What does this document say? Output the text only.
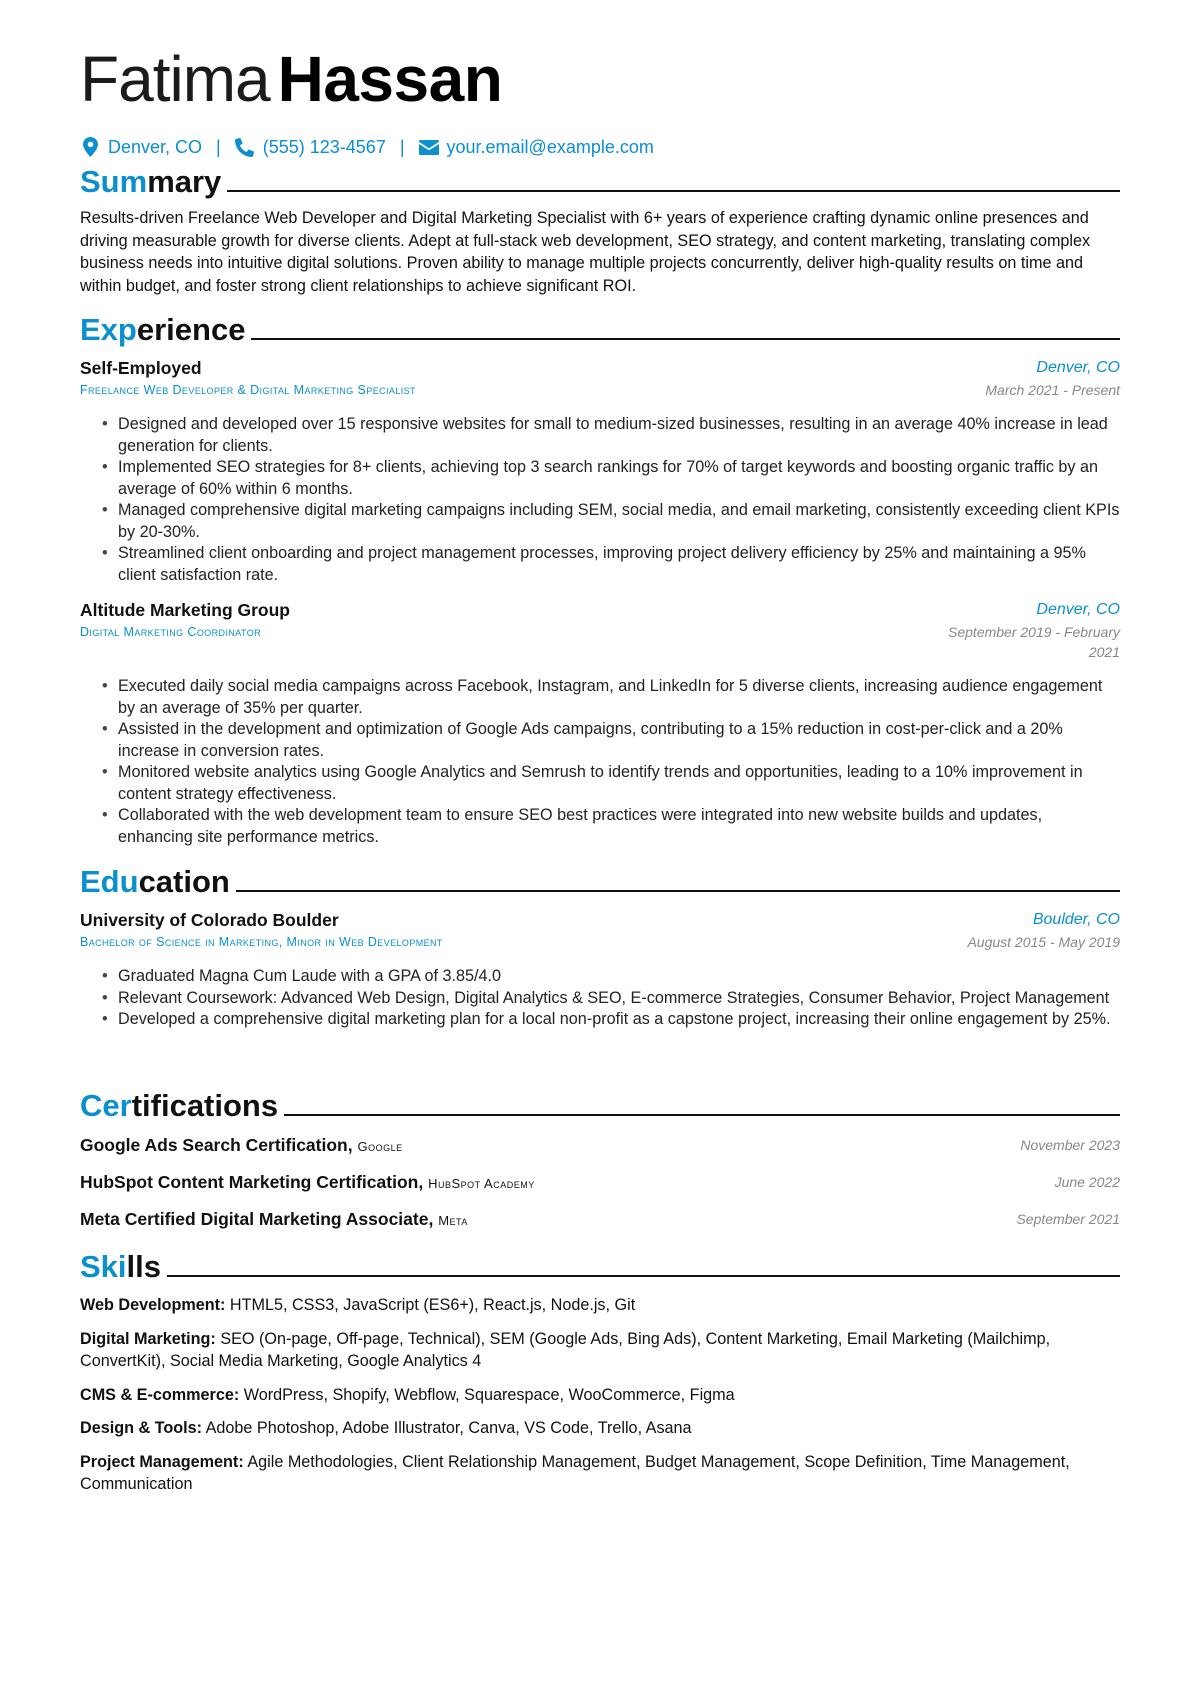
Fatima Hassan
Denver, CO | (555) 123-4567 | your.email@example.com
Summary

Results-driven Freelance Web Developer and Digital Marketing Specialist with 6+ years of experience crafting dynamic online presences and driving measurable growth for diverse clients. Adept at full-stack web development, SEO strategy, and content marketing, translating complex business needs into intuitive digital solutions. Proven ability to manage multiple projects concurrently, deliver high-quality results on time and within budget, and foster strong client relationships to achieve significant ROI.

Experience
Self-Employed	Denver, CO
Freelance Web Developer & Digital Marketing Specialist	March 2021 - Present
• Designed and developed over 15 responsive websites for small to medium-sized businesses, resulting in an average 40% increase in lead generation for clients.
• Implemented SEO strategies for 8+ clients, achieving top 3 search rankings for 70% of target keywords and boosting organic traffic by an average of 60% within 6 months.
• Managed comprehensive digital marketing campaigns including SEM, social media, and email marketing, consistently exceeding client KPIs by 20-30%.
• Streamlined client onboarding and project management processes, improving project delivery efficiency by 25% and maintaining a 95% client satisfaction rate.
Altitude Marketing Group	Denver, CO
Digital Marketing Coordinator	September 2019 - February 2021
• Executed daily social media campaigns across Facebook, Instagram, and LinkedIn for 5 diverse clients, increasing audience engagement by an average of 35% per quarter.
• Assisted in the development and optimization of Google Ads campaigns, contributing to a 15% reduction in cost-per-click and a 20% increase in conversion rates.
• Monitored website analytics using Google Analytics and Semrush to identify trends and opportunities, leading to a 10% improvement in content strategy effectiveness.
• Collaborated with the web development team to ensure SEO best practices were integrated into new website builds and updates, enhancing site performance metrics.
Education
University of Colorado Boulder	Boulder, CO
Bachelor of Science in Marketing, Minor in Web Development	August 2015 - May 2019
• Graduated Magna Cum Laude with a GPA of 3.85/4.0
• Relevant Coursework: Advanced Web Design, Digital Analytics & SEO, E-commerce Strategies, Consumer Behavior, Project Management
• Developed a comprehensive digital marketing plan for a local non-profit as a capstone project, increasing their online engagement by 25%.
Certifications
Google Ads Search Certification, Google	November 2023
HubSpot Content Marketing Certification, HubSpot Academy	June 2022
Meta Certified Digital Marketing Associate, Meta	September 2021
Skills
Web Development: HTML5, CSS3, JavaScript (ES6+), React.js, Node.js, Git
Digital Marketing: SEO (On-page, Off-page, Technical), SEM (Google Ads, Bing Ads), Content Marketing, Email Marketing (Mailchimp, ConvertKit), Social Media Marketing, Google Analytics 4
CMS & E-commerce: WordPress, Shopify, Webflow, Squarespace, WooCommerce, Figma
Design & Tools: Adobe Photoshop, Adobe Illustrator, Canva, VS Code, Trello, Asana
Project Management: Agile Methodologies, Client Relationship Management, Budget Management, Scope Definition, Time Management, Communication
